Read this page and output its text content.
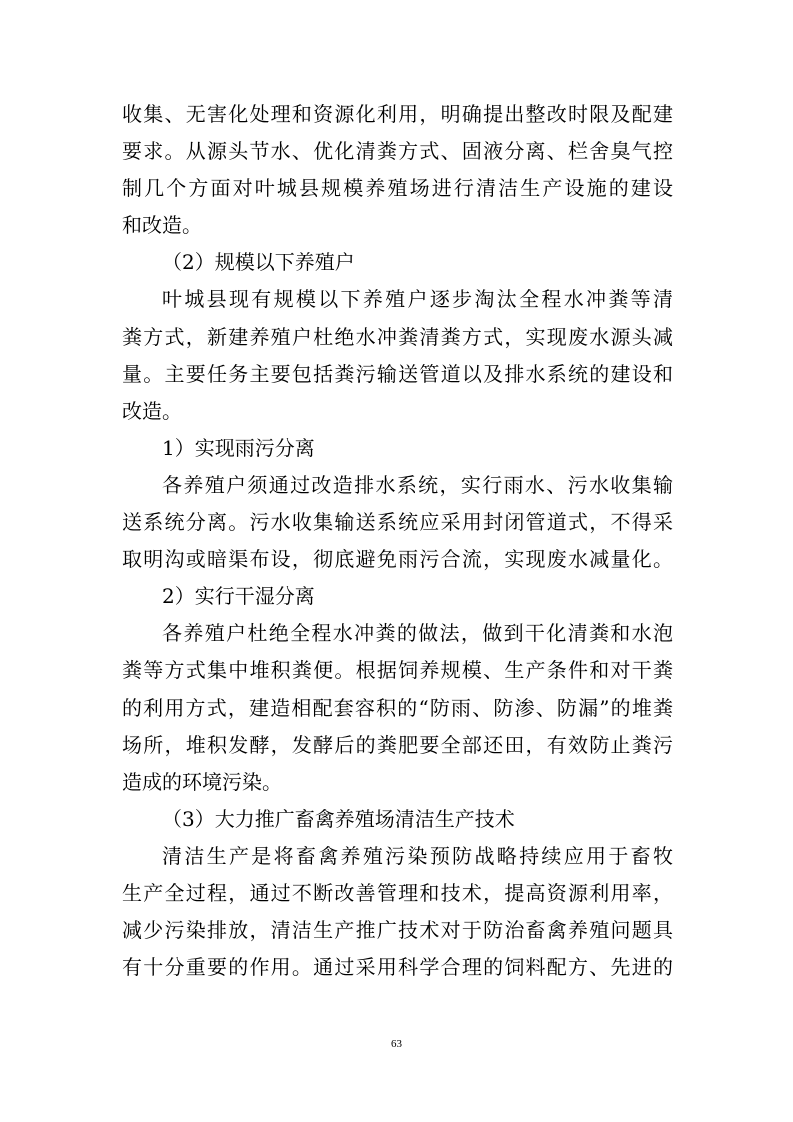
收集、无害化处理和资源化利用，明确提出整改时限及配建
要求。从源头节水、优化清粪方式、固液分离、栏舍臭气控
制几个方面对叶城县规模养殖场进行清洁生产设施的建设
和改造。
（2）规模以下养殖户
叶城县现有规模以下养殖户逐步淘汰全程水冲粪等清
粪方式，新建养殖户杜绝水冲粪清粪方式，实现废水源头减
量。主要任务主要包括粪污输送管道以及排水系统的建设和
改造。
1）实现雨污分离
各养殖户须通过改造排水系统，实行雨水、污水收集输
送系统分离。污水收集输送系统应采用封闭管道式，不得采
取明沟或暗渠布设，彻底避免雨污合流，实现废水减量化。
2）实行干湿分离
各养殖户杜绝全程水冲粪的做法，做到干化清粪和水泡
粪等方式集中堆积粪便。根据饲养规模、生产条件和对干粪
的利用方式，建造相配套容积的“防雨、防渗、防漏”的堆粪
场所，堆积发酵，发酵后的粪肥要全部还田，有效防止粪污
造成的环境污染。
（3）大力推广畜禽养殖场清洁生产技术
清洁生产是将畜禽养殖污染预防战略持续应用于畜牧
生产全过程，通过不断改善管理和技术，提高资源利用率，
减少污染排放，清洁生产推广技术对于防治畜禽养殖问题具
有十分重要的作用。通过采用科学合理的饲料配方、先进的
63
